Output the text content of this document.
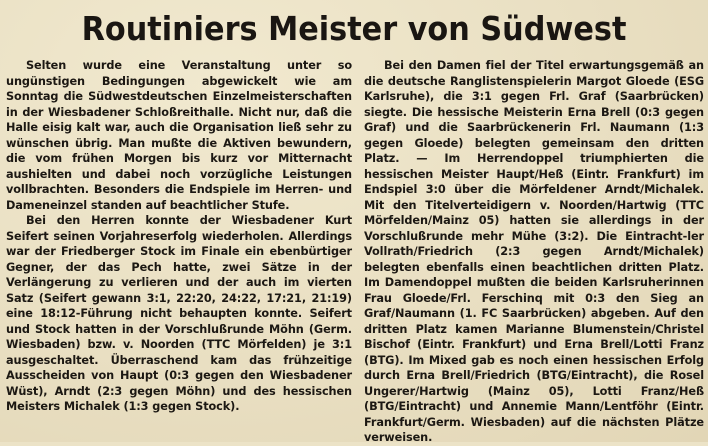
Routiniers Meister von Südwest

Selten wurde eine Veranstaltung unter so ungünstigen Bedingungen abgewickelt wie am Sonntag die Südwestdeutschen Einzelmeisterschaften in der Wiesbadener Schloßreithalle. Nicht nur, daß die Halle eisig kalt war, auch die Organisation ließ sehr zu wünschen übrig. Man mußte die Aktiven bewundern, die vom frühen Morgen bis kurz vor Mitternacht aushielten und dabei noch vorzügliche Leistungen vollbrachten. Besonders die Endspiele im Herren- und Dameneinzel standen auf beachtlicher Stufe.

Bei den Herren konnte der Wiesbadener Kurt Seifert seinen Vorjahreserfolg wiederholen. Allerdings war der Friedberger Stock im Finale ein ebenbürtiger Gegner, der das Pech hatte, zwei Sätze in der Verlängerung zu verlieren und der auch im vierten Satz (Seifert gewann 3:1, 22:20, 24:22, 17:21, 21:19) eine 18:12-Führung nicht behaupten konnte. Seifert und Stock hatten in der Vorschlußrunde Möhn (Germ. Wiesbaden) bzw. v. Noorden (TTC Mörfelden) je 3:1 ausgeschaltet. Überraschend kam das frühzeitige Ausscheiden von Haupt (0:3 gegen den Wiesbadener Wüst), Arndt (2:3 gegen Möhn) und des hessischen Meisters Michalek (1:3 gegen Stock).

Bei den Damen fiel der Titel erwartungsgemäß an die deutsche Ranglistenspielerin Margot Gloede (ESG Karlsruhe), die 3:1 gegen Frl. Graf (Saarbrücken) siegte. Die hessische Meisterin Erna Brell (0:3 gegen Graf) und die Saarbrückenerin Frl. Naumann (1:3 gegen Gloede) belegten gemeinsam den dritten Platz. — Im Herrendoppel triumphierten die hessischen Meister Haupt/Heß (Eintr. Frankfurt) im Endspiel 3:0 über die Mörfeldener Arndt/Michalek. Mit den Titelverteidigern v. Noorden/Hartwig (TTC Mörfelden/Mainz 05) hatten sie allerdings in der Vorschlußrunde mehr Mühe (3:2). Die Eintracht-ler Vollrath/Friedrich (2:3 gegen Arndt/Michalek) belegten ebenfalls einen beachtlichen dritten Platz. Im Damendoppel mußten die beiden Karlsruherinnen Frau Gloede/Frl. Ferschinq mit 0:3 den Sieg an Graf/Naumann (1. FC Saarbrücken) abgeben. Auf den dritten Platz kamen Marianne Blumenstein/Christel Bischof (Eintr. Frankfurt) und Erna Brell/Lotti Franz (BTG). Im Mixed gab es noch einen hessischen Erfolg durch Erna Brell/Friedrich (BTG/Eintracht), die Rosel Ungerer/Hartwig (Mainz 05), Lotti Franz/Heß (BTG/Eintracht) und Annemie Mann/Lentföhr (Eintr. Frankfurt/Germ. Wiesbaden) auf die nächsten Plätze verweisen.
